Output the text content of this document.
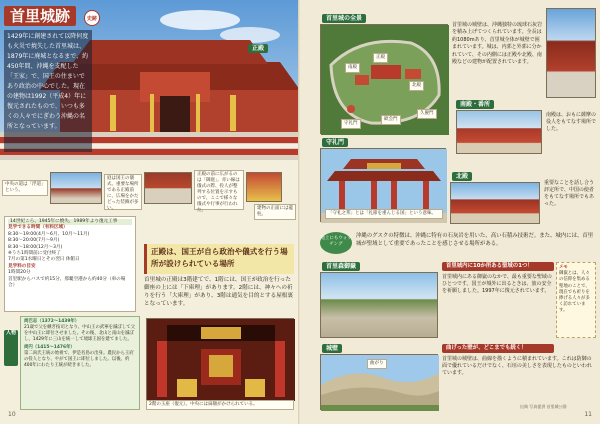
首里城跡	史跡
1429年に創建されて以降何度も火災で焼失した首里城は、1879年に廃城となるまで、約450年間、沖縄を支配した「王家」で、国王の住まいであり政治の中心でした。現在の建物は1992（平成4）年に復元されたもので、いつも多くの人々でにぎわう沖縄の名所となっています。
正殿
中央の道は「浮道」という。
庭は国王の儀式、重要な場所である正殿前に、広場をかたどった装飾が多い。
正殿の前に広がるのは「御庭」。赤い線は儀式の際、役人が整列する位置を示すもので、ここで様々な儀式や行事が行われた。	建物の正面には龍柱。
14世紀ころ、1945年に焼失、1989年より復元工事
見学できる時間（有料区域）
8:30〜19:00(4月〜6月、10月〜11月)
8:30〜20:00(7月〜9月)
8:30〜18:00(12月〜3月)
※うち1時間前に受付終了
7月の第1水曜日とその翌日 休館日
見学料の目安
1時間20分
首里駅からバスで約15分、那覇空港から約40分（車の場合）
正殿は、国王が自ら政治や儀式を行う場所が設けられている場所
首里城の正殿は3階建てで、1階には、国王が政治を行った御座の上には「下庫理」があります。2階には、神々への祈りを行う「大庫理」があり、3階は通気を目的とする屋根裏となっています。
2階の玉座（復元）。中央には扁額がかけられている。
人物
尚巴志（1372〜1439年）
21歳で父を継ぎ按司となり、中山王の武寧を滅ぼして父を中山王に即位させました。その後、北山と南山を滅ぼし、1429年に三山を統一して琉球王国を建てました。
尚円（1415〜1476年）
第二尚氏王統の始祖で、伊是名島の出身。農民から王府の役人となり、やがて国王に即位しました。以後、約400年にわたり王統が続きました。
10
首里城の全景
正殿
北殿
南殿
守礼門
歓会門
久慶門
首里城の城壁は、沖縄独特の琉球石灰岩を積み上げてつくられています。全長は約1080mあり、首里城全体が城壁で囲まれています。城は、内郭と外郭に分かれていて、その内側には正殿や北殿、南殿などの建物が配置されています。
南殿・番所
南殿は、おもに薩摩の役人をもてなす場所でした。
守礼門
「守礼之邦」とは「礼節を重んじる国」という意味。
北殿
重要なことを話し合う評定所で、中国の使者をもてなす場所でもあった。
地上にもウォッチング
沖縄のグスクの特徴は、沖縄に特有の石灰岩を用いた、高い石積み技術だ。また、城内には、首里城が聖域として重要であったことを感じさせる場所がある。
首里森御嶽	首里城内に10か所ある聖域の1つ！
首里城内にある御嶽のなかで、最も重要な聖域のひとつです。国王が城外に出るときは、旅の安全を祈願しました。1997年に復元されています。
メモ
御嶽とは、人々の信仰を集める聖地のことで、現在でも祈りを捧げる人々が多く訪れています。
城壁
曲がり
曲げった壁が、どこまでも続く！
首里城の城壁は、曲線を描くように積まれています。これは防御の面で優れているだけでなく、石垣の美しさを表現したものといわれています。
出典 写真提供 首里城公園
11
